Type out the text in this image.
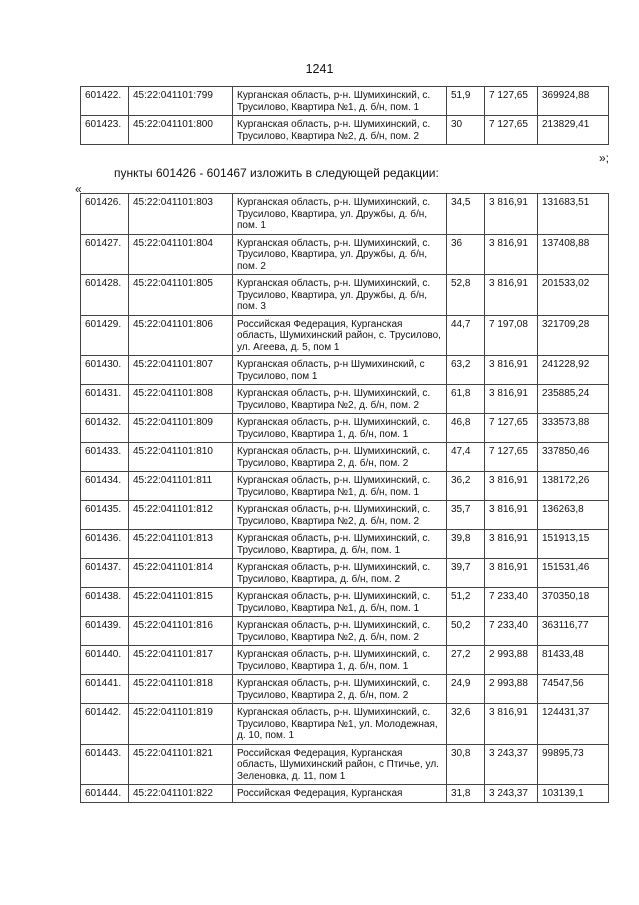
1241
601422.	45:22:041101:799	Курганская область, р-н. Шумихинский, с. Трусилово, Квартира №1, д. б/н, пом. 1	51,9	7 127,65	369924,88
601423.	45:22:041101:800	Курганская область, р-н. Шумихинский, с. Трусилово, Квартира №2, д. б/н, пом. 2	30	7 127,65	213829,41
»;
пункты 601426 - 601467 изложить в следующей редакции:
«
601426.	45:22:041101:803	Курганская область, р-н. Шумихинский, с. Трусилово, Квартира, ул. Дружбы, д. б/н, пом. 1	34,5	3 816,91	131683,51
601427.	45:22:041101:804	Курганская область, р-н. Шумихинский, с. Трусилово, Квартира, ул. Дружбы, д. б/н, пом. 2	36	3 816,91	137408,88
601428.	45:22:041101:805	Курганская область, р-н. Шумихинский, с. Трусилово, Квартира, ул. Дружбы, д. б/н, пом. 3	52,8	3 816,91	201533,02
601429.	45:22:041101:806	Российская Федерация, Курганская область, Шумихинский район, с. Трусилово, ул. Агеева, д. 5, пом 1	44,7	7 197,08	321709,28
601430.	45:22:041101:807	Курганская область, р-н Шумихинский, с Трусилово, пом 1	63,2	3 816,91	241228,92
601431.	45:22:041101:808	Курганская область, р-н. Шумихинский, с. Трусилово, Квартира №2, д. б/н, пом. 2	61,8	3 816,91	235885,24
601432.	45:22:041101:809	Курганская область, р-н. Шумихинский, с. Трусилово, Квартира 1, д. б/н, пом. 1	46,8	7 127,65	333573,88
601433.	45:22:041101:810	Курганская область, р-н. Шумихинский, с. Трусилово, Квартира 2, д. б/н, пом. 2	47,4	7 127,65	337850,46
601434.	45:22:041101:811	Курганская область, р-н. Шумихинский, с. Трусилово, Квартира №1, д. б/н, пом. 1	36,2	3 816,91	138172,26
601435.	45:22:041101:812	Курганская область, р-н. Шумихинский, с. Трусилово, Квартира №2, д. б/н, пом. 2	35,7	3 816,91	136263,8
601436.	45:22:041101:813	Курганская область, р-н. Шумихинский, с. Трусилово, Квартира, д. б/н, пом. 1	39,8	3 816,91	151913,15
601437.	45:22:041101:814	Курганская область, р-н. Шумихинский, с. Трусилово, Квартира, д. б/н, пом. 2	39,7	3 816,91	151531,46
601438.	45:22:041101:815	Курганская область, р-н. Шумихинский, с. Трусилово, Квартира №1, д. б/н, пом. 1	51,2	7 233,40	370350,18
601439.	45:22:041101:816	Курганская область, р-н. Шумихинский, с. Трусилово, Квартира №2, д. б/н, пом. 2	50,2	7 233,40	363116,77
601440.	45:22:041101:817	Курганская область, р-н. Шумихинский, с. Трусилово, Квартира 1, д. б/н, пом. 1	27,2	2 993,88	81433,48
601441.	45:22:041101:818	Курганская область, р-н. Шумихинский, с. Трусилово, Квартира 2, д. б/н, пом. 2	24,9	2 993,88	74547,56
601442.	45:22:041101:819	Курганская область, р-н. Шумихинский, с. Трусилово, Квартира №1, ул. Молодежная, д. 10, пом. 1	32,6	3 816,91	124431,37
601443.	45:22:041101:821	Российская Федерация, Курганская область, Шумихинский район, с Птичье, ул. Зеленовка, д. 11, пом 1	30,8	3 243,37	99895,73
601444.	45:22:041101:822	Российская Федерация, Курганская	31,8	3 243,37	103139,1
